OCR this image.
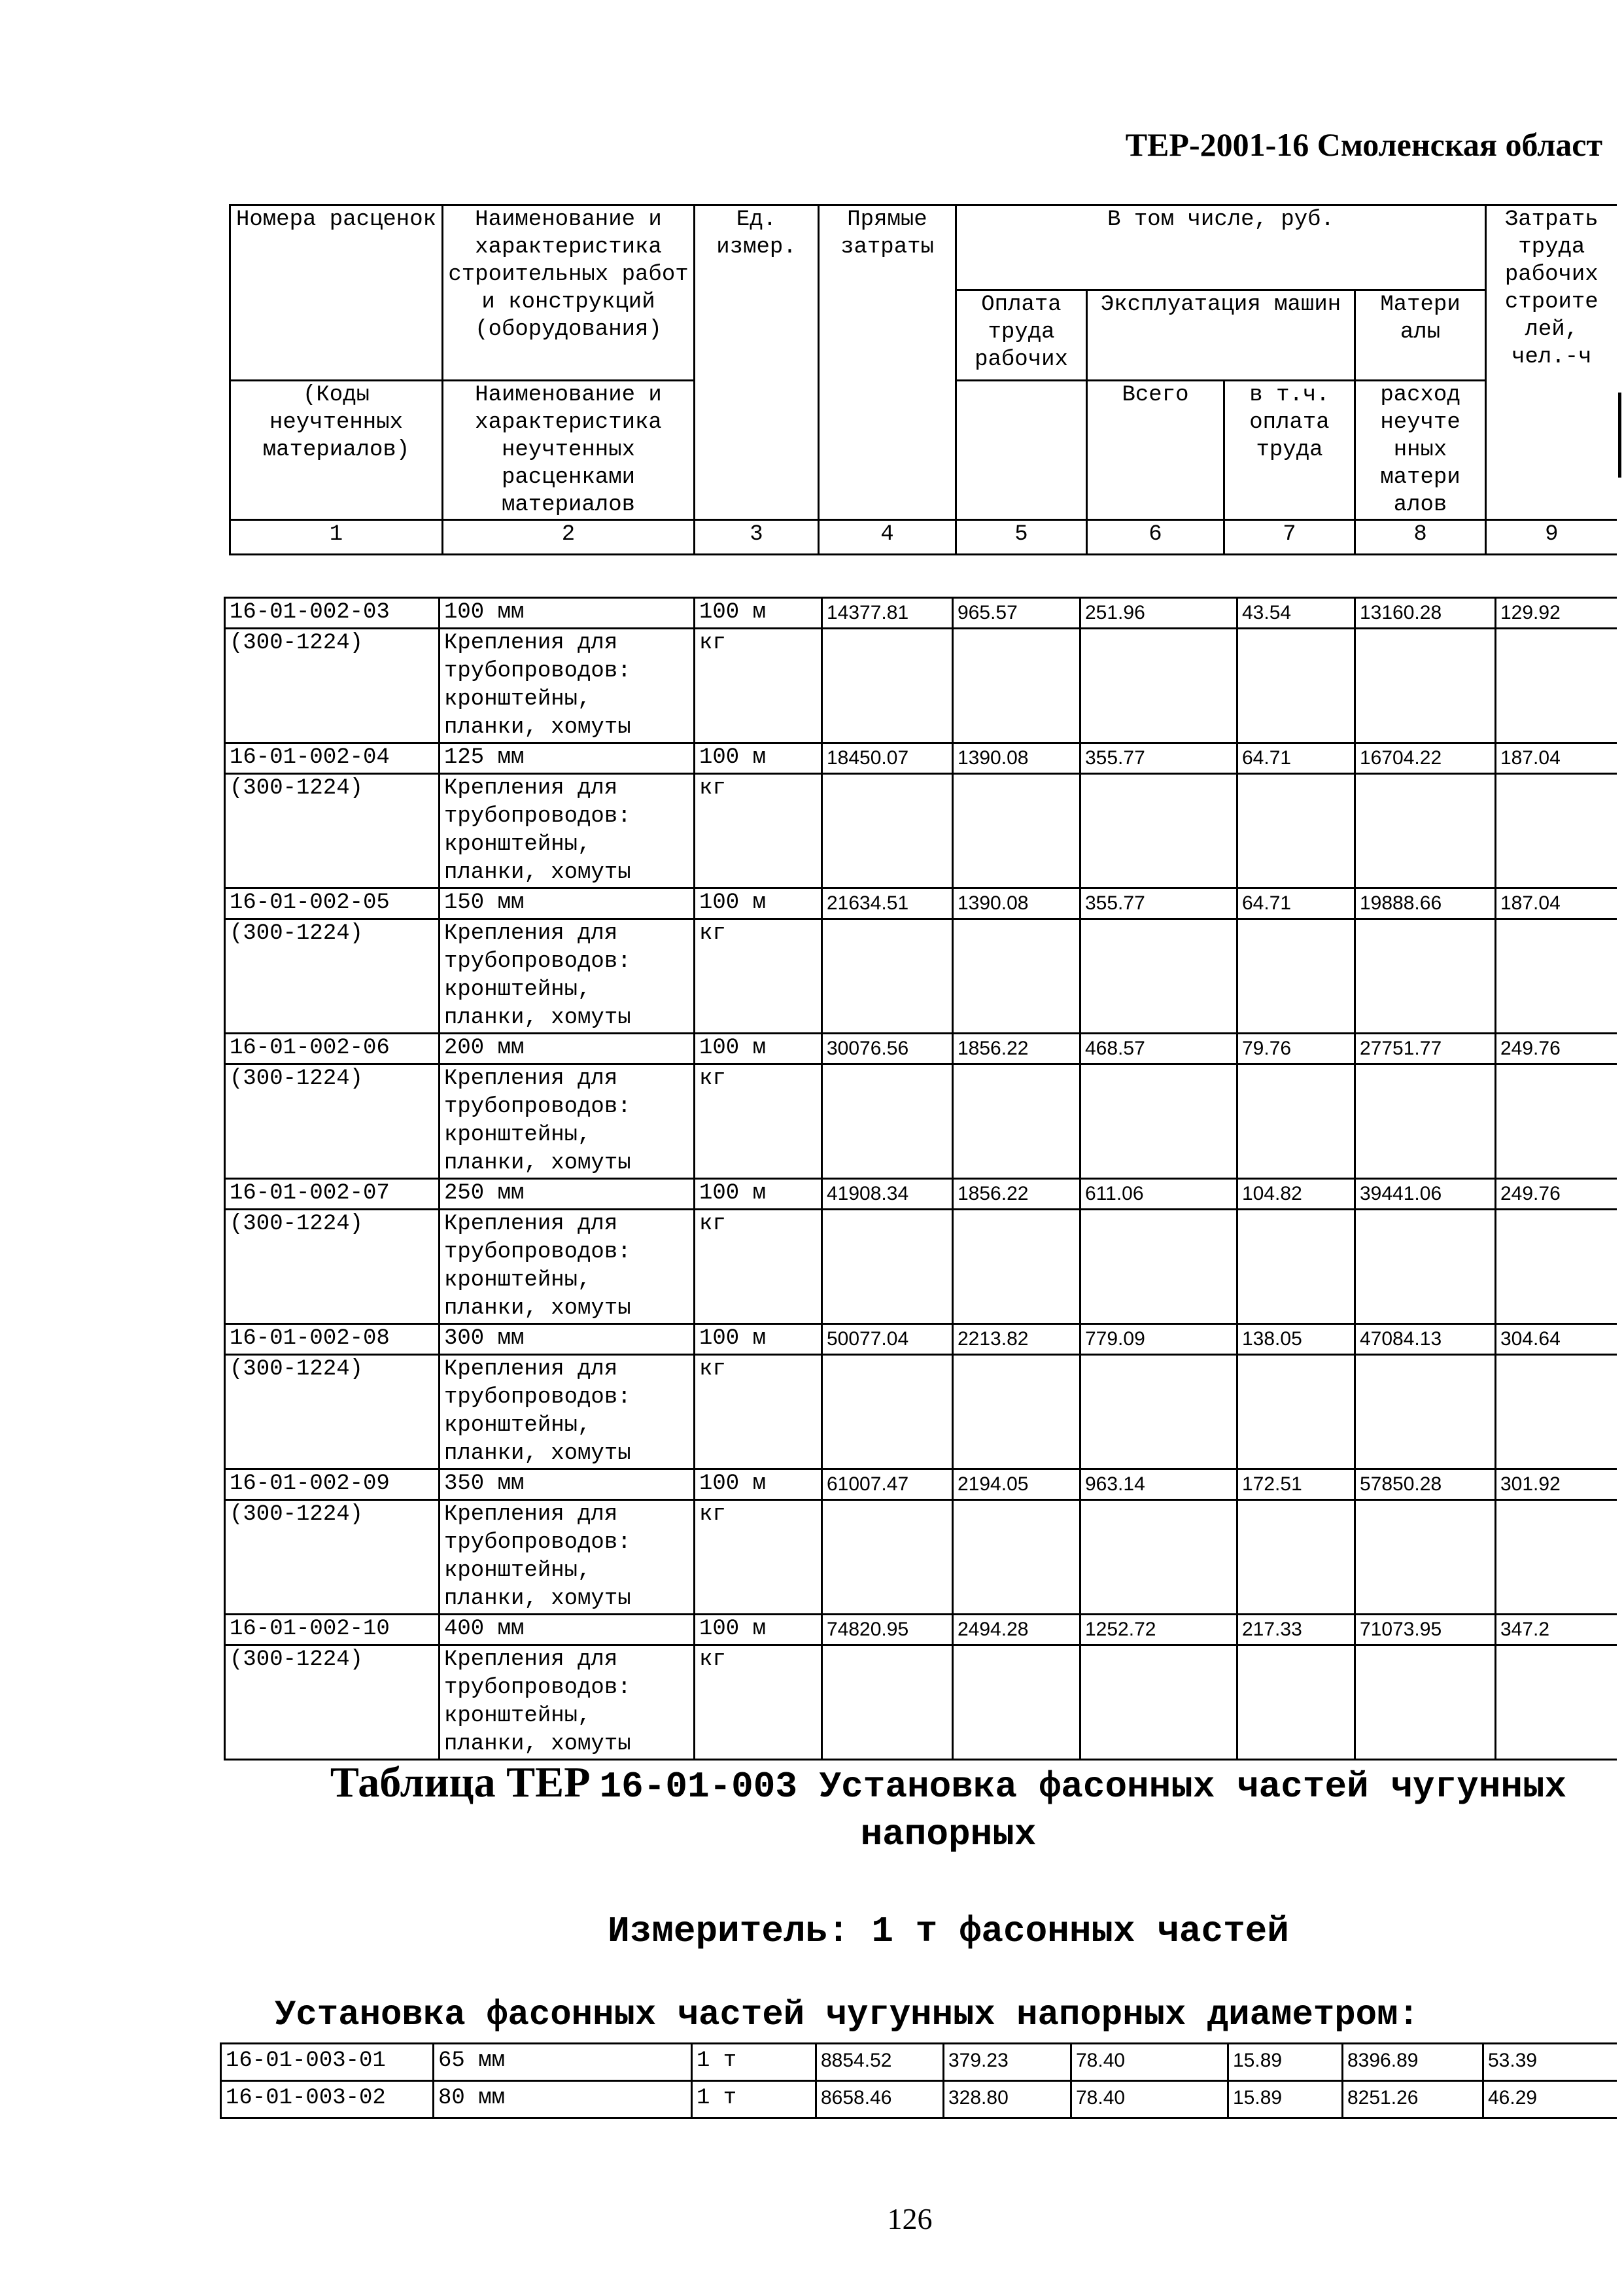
ТЕР-2001-16 Смоленская област
Номера расценок	Наименование и характеристика строительных работ и конструкций (оборудования)	Ед. измер.	Прямые затраты	В том числе, руб.				Затрать труда рабочих строите лей, чел.-ч
				Оплата труда рабочих	Эксплуатация машин		Матери алы	
(Коды неучтенных материалов)	Наименование и характеристика неучтенных расценками материалов				Всего	в т.ч. оплата труда	расход неучте нных матери алов	

1	2	3	4	5	6	7	8	9
16-01-002-03	100 мм	100 м	14377.81	965.57	251.96	43.54	13160.28	129.92
(300-1224)	Крепления для трубопроводов: кронштейны, планки, хомуты	кг						
16-01-002-04	125 мм	100 м	18450.07	1390.08	355.77	64.71	16704.22	187.04
(300-1224)	Крепления для трубопроводов: кронштейны, планки, хомуты	кг						
16-01-002-05	150 мм	100 м	21634.51	1390.08	355.77	64.71	19888.66	187.04
(300-1224)	Крепления для трубопроводов: кронштейны, планки, хомуты	кг						
16-01-002-06	200 мм	100 м	30076.56	1856.22	468.57	79.76	27751.77	249.76
(300-1224)	Крепления для трубопроводов: кронштейны, планки, хомуты	кг						
16-01-002-07	250 мм	100 м	41908.34	1856.22	611.06	104.82	39441.06	249.76
(300-1224)	Крепления для трубопроводов: кронштейны, планки, хомуты	кг						
16-01-002-08	300 мм	100 м	50077.04	2213.82	779.09	138.05	47084.13	304.64
(300-1224)	Крепления для трубопроводов: кронштейны, планки, хомуты	кг						
16-01-002-09	350 мм	100 м	61007.47	2194.05	963.14	172.51	57850.28	301.92
(300-1224)	Крепления для трубопроводов: кронштейны, планки, хомуты	кг						
16-01-002-10	400 мм	100 м	74820.95	2494.28	1252.72	217.33	71073.95	347.2
(300-1224)	Крепления для трубопроводов: кронштейны, планки, хомуты	кг						
Таблица ТЕР 16-01-003 Установка фасонных частей чугунных напорных
Измеритель: 1 т фасонных частей
Установка фасонных частей чугунных напорных диаметром:
16-01-003-01	65 мм	1 т	8854.52	379.23	78.40	15.89	8396.89	53.39
16-01-003-02	80 мм	1 т	8658.46	328.80	78.40	15.89	8251.26	46.29
126
